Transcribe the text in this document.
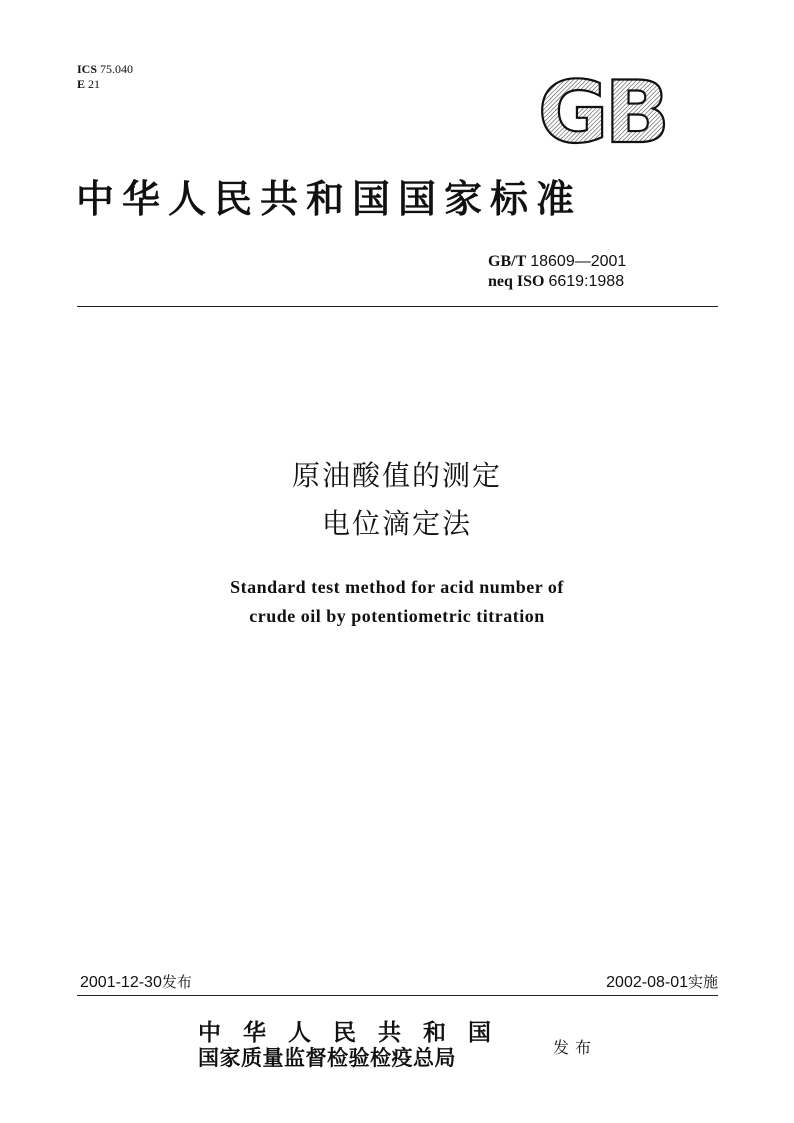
ICS 75.040
E 21	GB
中华人民共和国国家标准
GB/T 18609—2001
neq ISO 6619:1988
原油酸值的测定
电位滴定法
Standard test method for acid number of
crude oil by potentiometric titration
2001-12-30发布	2002-08-01实施
中华人民共和国
国家质量监督检验检疫总局	发布
